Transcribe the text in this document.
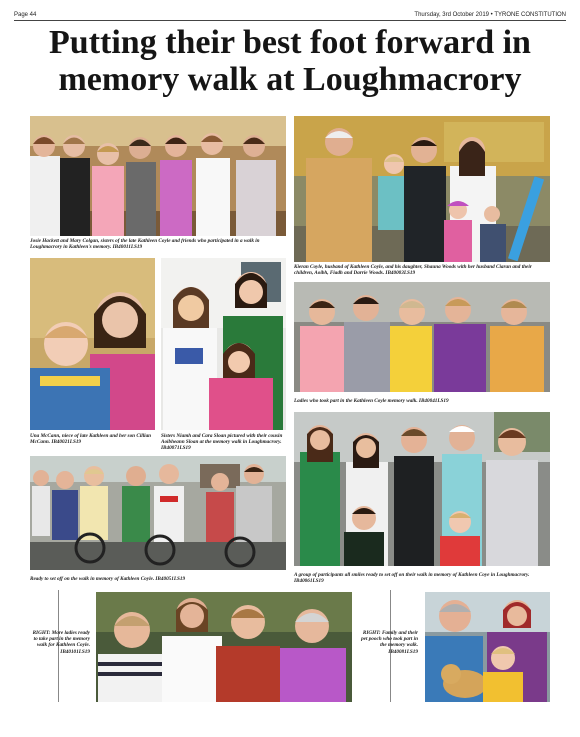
Page 44	Thursday, 3rd October 2019 • TYRONE CONSTITUTION
Putting their best foot forward in memory walk at Loughmacrory
Josie Hackett and Mary Colgan, sisters of the late Kathleen Coyle and friends who participated in a walk in Loughmacrory in Kathleen's memory. IB40011LS19
Kieran Coyle, husband of Kathleen Coyle, and his daughter, Shauna Woods with her husband Ciaran and their children, Aoibh, Fiadh and Darrie Woods. IB40003LS19
Una McCann, niece of late Kathleen and her son Cillian McCann. IB40021LS19
Sisters Niamh and Cara Sloan pictured with their cousin Aoibheann Sloan at the memory walk in Loughmacrory. IB40071LS19
Ladies who took part in the Kathleen Coyle memory walk. IB40041LS19
Ready to set off on the walk in memory of Kathleen Coyle. IB40051LS19
A group of participants all smiles ready to set off on their walk in memory of Kathleen Coye in Loughmacrory. IB40061LS19
RIGHT: More ladies ready to take part in the memory walk for Kathleen Coyle. IB40101LS19
RIGHT: Family and their pet pooch who took part in the memory walk. IB40081LS19
